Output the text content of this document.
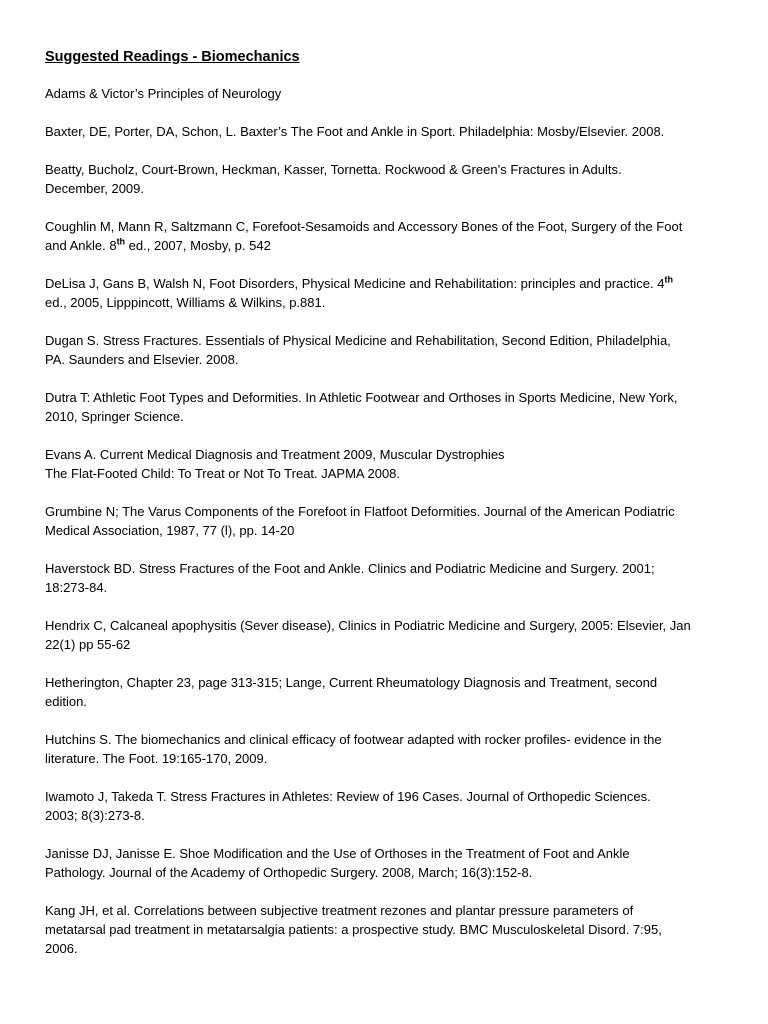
Suggested Readings - Biomechanics

Adams & Victor’s Principles of Neurology

Baxter, DE, Porter, DA, Schon, L. Baxter’s The Foot and Ankle in Sport. Philadelphia: Mosby/Elsevier. 2008.

Beatty, Bucholz, Court-Brown, Heckman, Kasser, Tornetta. Rockwood & Green’s Fractures in Adults.
December, 2009.

Coughlin M, Mann R, Saltzmann C, Forefoot-Sesamoids and Accessory Bones of the Foot, Surgery of the Foot
and Ankle. 8th ed., 2007, Mosby, p. 542

DeLisa J, Gans B, Walsh N, Foot Disorders, Physical Medicine and Rehabilitation: principles and practice. 4th
ed., 2005, Lipppincott, Williams & Wilkins, p.881.

Dugan S. Stress Fractures. Essentials of Physical Medicine and Rehabilitation, Second Edition, Philadelphia,
PA. Saunders and Elsevier. 2008.

Dutra T: Athletic Foot Types and Deformities. In Athletic Footwear and Orthoses in Sports Medicine, New York,
2010, Springer Science.

Evans A. Current Medical Diagnosis and Treatment 2009, Muscular Dystrophies
The Flat-Footed Child: To Treat or Not To Treat. JAPMA 2008.

Grumbine N; The Varus Components of the Forefoot in Flatfoot Deformities. Journal of the American Podiatric
Medical Association, 1987, 77 (l), pp. 14-20

Haverstock BD. Stress Fractures of the Foot and Ankle. Clinics and Podiatric Medicine and Surgery. 2001;
18:273-84.

Hendrix C, Calcaneal apophysitis (Sever disease), Clinics in Podiatric Medicine and Surgery, 2005: Elsevier, Jan
22(1) pp 55-62

Hetherington, Chapter 23, page 313-315; Lange, Current Rheumatology Diagnosis and Treatment, second
edition.

Hutchins S. The biomechanics and clinical efficacy of footwear adapted with rocker profiles- evidence in the
literature. The Foot. 19:165-170, 2009.

Iwamoto J, Takeda T. Stress Fractures in Athletes: Review of 196 Cases. Journal of Orthopedic Sciences.
2003; 8(3):273-8.

Janisse DJ, Janisse E. Shoe Modification and the Use of Orthoses in the Treatment of Foot and Ankle
Pathology. Journal of the Academy of Orthopedic Surgery. 2008, March; 16(3):152-8.

Kang JH, et al. Correlations between subjective treatment rezones and plantar pressure parameters of
metatarsal pad treatment in metatarsalgia patients: a prospective study. BMC Musculoskeletal Disord. 7:95,
2006.
